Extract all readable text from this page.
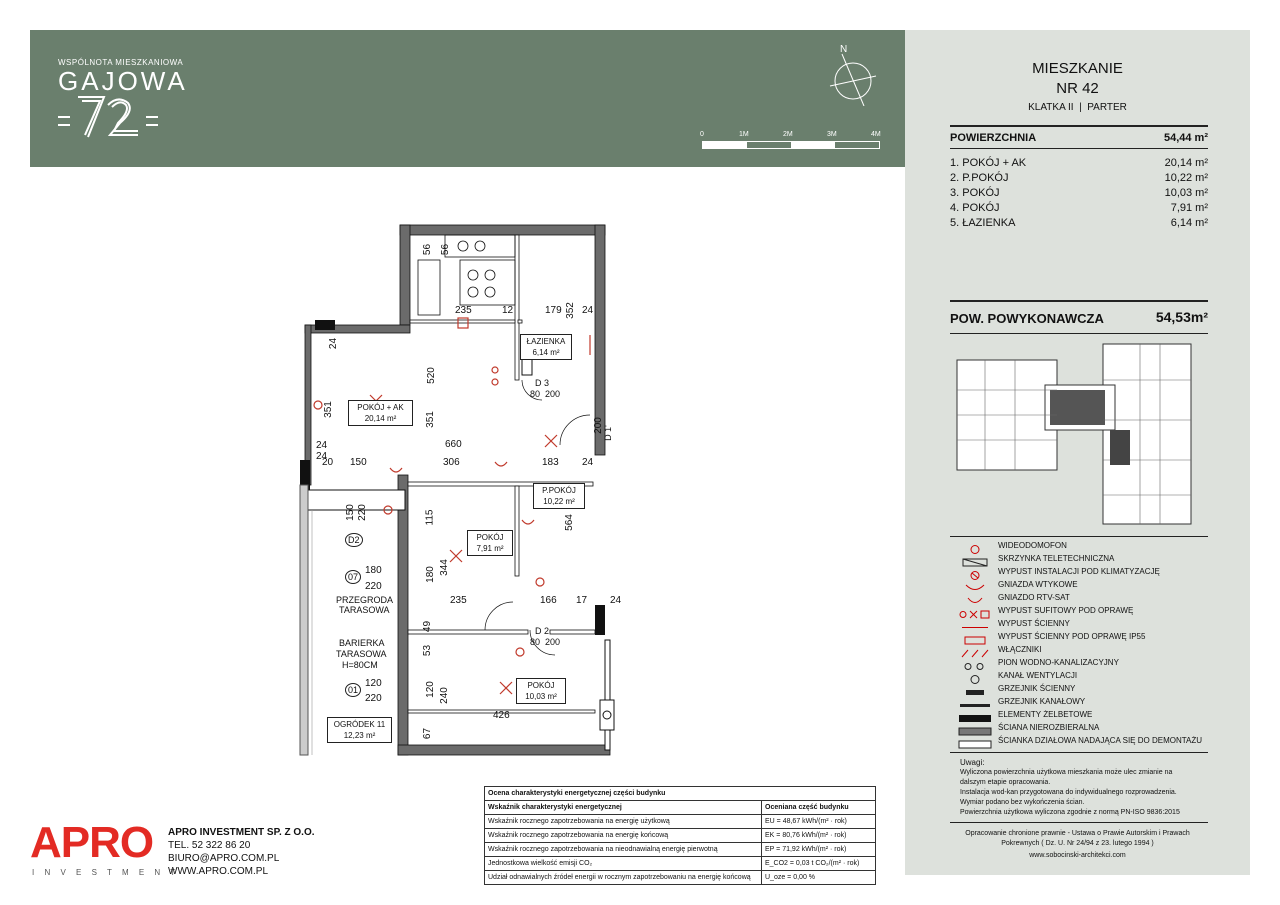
WSPÓLNOTA MIESZKANIOWA
GAJOWA
N
0	1M	2M	3M	4M
MIESZKANIE
NR 42
KLATKA II  |  PARTER
POWIERZCHNIA	54,44 m²
1. POKÓJ + AK	20,14 m²
2. P.POKÓJ	10,22 m²
3. POKÓJ	10,03 m²
4. POKÓJ	7,91 m²
5. ŁAZIENKA	6,14 m²
POW. POWYKONAWCZA	54,53m²
WIDEODOMOFON
SKRZYNKA TELETECHNICZNA
WYPUST INSTALACJI POD KLIMATYZACJĘ
GNIAZDA WTYKOWE
GNIAZDO RTV-SAT
WYPUST SUFITOWY POD OPRAWĘ
WYPUST ŚCIENNY
WYPUST ŚCIENNY POD OPRAWĘ IP55
WŁĄCZNIKI
PION WODNO-KANALIZACYJNY
KANAŁ WENTYLACJI
GRZEJNIK ŚCIENNY
GRZEJNIK KANAŁOWY
ELEMENTY ŻELBETOWE
ŚCIANA NIEROZBIERALNA
ŚCIANKA DZIAŁOWA NADAJĄCA SIĘ DO DEMONTAŻU
Uwagi:
Wyliczona powierzchnia użytkowa mieszkania może ulec zmianie na
dalszym etapie opracowania.
Instalacja wod-kan przygotowana do indywidualnego rozprowadzenia.
Wymiar podano bez wykończenia ścian.
Powierzchnia użytkowa wyliczona zgodnie z normą PN-ISO 9836:2015
Opracowanie chronione prawnie - Ustawa o Prawie Autorskim i Prawach
Pokrewnych ( Dz. U. Nr 24/94 z 23. lutego 1994 )
www.sobocinski-architekci.com
POKÓJ + AK
20,14 m²
ŁAZIENKA
6,14 m²
P.POKÓJ
10,22 m²
POKÓJ
7,91 m²
POKÓJ
10,03 m²
OGRÓDEK 11
12,23 m²
PRZEGRODA
TARASOWA
BARIERKA
TARASOWA
H=80CM
D2
07
01
180
220
120
220
150 220
56 56
235	12	179 352 24
24
520
351
351
660
24
24
20 150	306	183 24
115	564
180 344
235	166 17 24
49
53
120 240
426
67
200
D 3
80  200
D 2
80  200
D 1'
APRO
I N V E S T M E N T
APRO INVESTMENT SP. Z O.O.
TEL. 52 322 86 20
BIURO@APRO.COM.PL
WWW.APRO.COM.PL
Ocena charakterystyki energetycznej części budynku	
Wskaźnik charakterystyki energetycznej	Oceniana część budynku
Wskaźnik rocznego zapotrzebowania na energię użytkową	EU = 48,67 kWh/(m² · rok)
Wskaźnik rocznego zapotrzebowania na energię końcową	EK = 80,76 kWh/(m² · rok)
Wskaźnik rocznego zapotrzebowania na nieodnawialną energię pierwotną	EP = 71,92 kWh/(m² · rok)
Jednostkowa wielkość emisji CO₂	E_CO2 = 0,03 t CO₂/(m² · rok)
Udział odnawialnych źródeł energii w rocznym zapotrzebowaniu na energię końcową	U_oze = 0,00 %
